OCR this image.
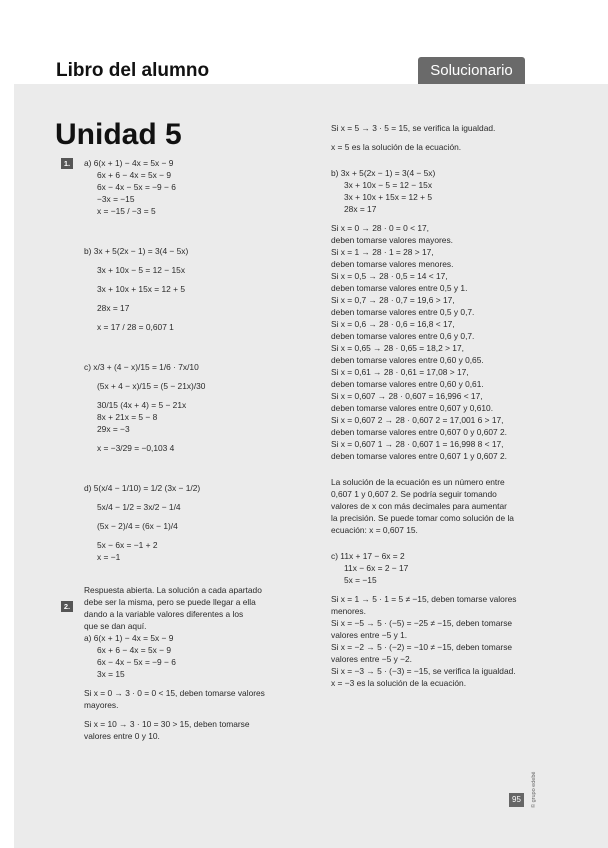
Libro del alumno	Solucionario
Unidad 5
1.
2.
a) 6(x + 1) − 4x = 5x − 9
6x + 6 − 4x = 5x − 9
6x − 4x − 5x = −9 − 6
−3x = −15
x = −15 / −3 = 5
b) 3x + 5(2x − 1) = 3(4 − 5x)
3x + 10x − 5 = 12 − 15x
3x + 10x + 15x = 12 + 5
28x = 17
x = 17 / 28 = 0,607 1
c) x/3 + (4 − x)/15 = 1/6 · 7x/10
(5x + 4 − x)/15 = (5 − 21x)/30
30/15 (4x + 4) = 5 − 21x
8x + 21x = 5 − 8
29x = −3
x = −3/29 = −0,103 4
d) 5(x/4 − 1/10) = 1/2 (3x − 1/2)
5x/4 − 1/2 = 3x/2 − 1/4
(5x − 2)/4 = (6x − 1)/4
5x − 6x = −1 + 2
x = −1
Respuesta abierta. La solución a cada apartado
debe ser la misma, pero se puede llegar a ella
dando a la variable valores diferentes a los
que se dan aquí.
a) 6(x + 1) − 4x = 5x − 9
6x + 6 − 4x = 5x − 9
6x − 4x − 5x = −9 − 6
3x = 15
Si x = 0 → 3 · 0 = 0 < 15, deben tomarse valores
mayores.
Si x = 10 → 3 · 10 = 30 > 15, deben tomarse
valores entre 0 y 10.
Si x = 5 → 3 · 5 = 15, se verifica la igualdad.
x = 5 es la solución de la ecuación.
b) 3x + 5(2x − 1) = 3(4 − 5x)
3x + 10x − 5 = 12 − 15x
3x + 10x + 15x = 12 + 5
28x = 17
Si x = 0 → 28 · 0 = 0 < 17,
deben tomarse valores mayores.
Si x = 1 → 28 · 1 = 28 > 17,
deben tomarse valores menores.
Si x = 0,5 → 28 · 0,5 = 14 < 17,
deben tomarse valores entre 0,5 y 1.
Si x = 0,7 → 28 · 0,7 = 19,6 > 17,
deben tomarse valores entre 0,5 y 0,7.
Si x = 0,6 → 28 · 0,6 = 16,8 < 17,
deben tomarse valores entre 0,6 y 0,7.
Si x = 0,65 → 28 · 0,65 = 18,2 > 17,
deben tomarse valores entre 0,60 y 0,65.
Si x = 0,61 → 28 · 0,61 = 17,08 > 17,
deben tomarse valores entre 0,60 y 0,61.
Si x = 0,607 → 28 · 0,607 = 16,996 < 17,
deben tomarse valores entre 0,607 y 0,610.
Si x = 0,607 2 → 28 · 0,607 2 = 17,001 6 > 17,
deben tomarse valores entre 0,607 0 y 0,607 2.
Si x = 0,607 1 → 28 · 0,607 1 = 16,998 8 < 17,
deben tomarse valores entre 0,607 1 y 0,607 2.
La solución de la ecuación es un número entre
0,607 1 y 0,607 2. Se podría seguir tomando
valores de x con más decimales para aumentar
la precisión. Se puede tomar como solución de la
ecuación: x = 0,607 15.
c) 11x + 17 − 6x = 2
11x − 6x = 2 − 17
5x = −15
Si x = 1 → 5 · 1 = 5 ≠ −15, deben tomarse valores
menores.
Si x = −5 → 5 · (−5) = −25 ≠ −15, deben tomarse
valores entre −5 y 1.
Si x = −2 → 5 · (−2) = −10 ≠ −15, deben tomarse
valores entre −5 y −2.
Si x = −3 → 5 · (−3) = −15, se verifica la igualdad.
x = −3 es la solución de la ecuación.
95	© grupo edebé
